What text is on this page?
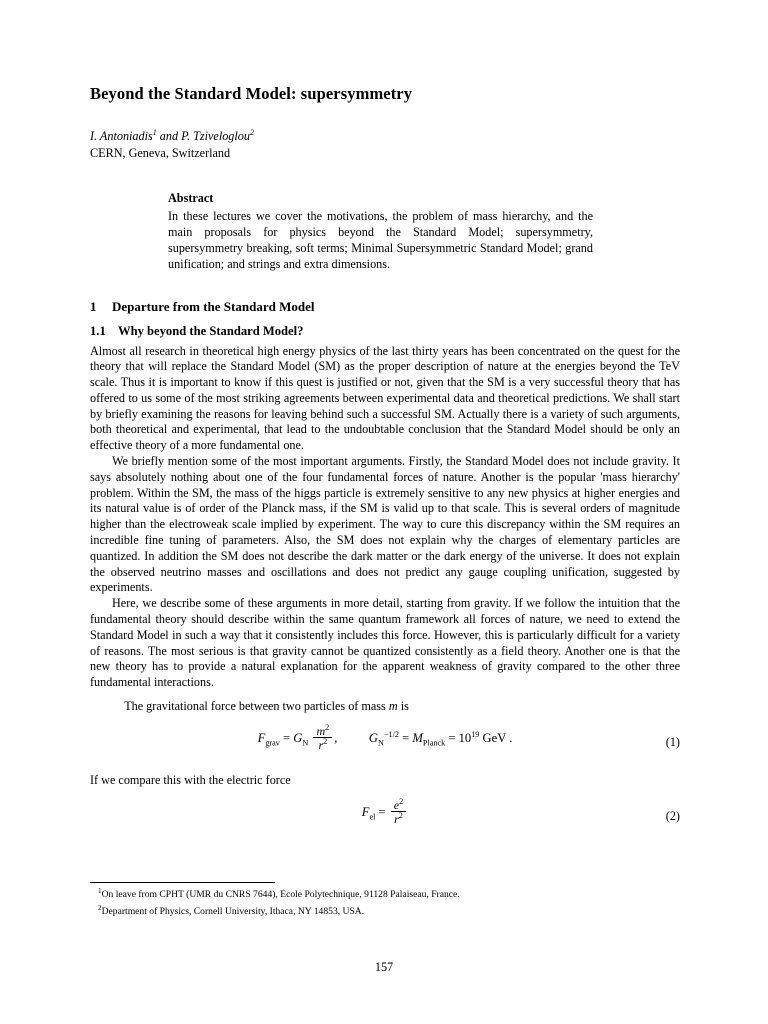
Beyond the Standard Model: supersymmetry
I. Antoniadis$^1$ and P. Tziveloglou$^2$
CERN, Geneva, Switzerland
Abstract
In these lectures we cover the motivations, the problem of mass hierarchy, and the main proposals for physics beyond the Standard Model; supersymmetry, supersymmetry breaking, soft terms; Minimal Supersymmetric Standard Model; grand unification; and strings and extra dimensions.
1 Departure from the Standard Model
1.1 Why beyond the Standard Model?

Almost all research in theoretical high energy physics of the last thirty years has been concentrated on the quest for the theory that will replace the Standard Model (SM) as the proper description of nature at the energies beyond the TeV scale. Thus it is important to know if this quest is justified or not, given that the SM is a very successful theory that has offered to us some of the most striking agreements between experimental data and theoretical predictions. We shall start by briefly examining the reasons for leaving behind such a successful SM. Actually there is a variety of such arguments, both theoretical and experimental, that lead to the undoubtable conclusion that the Standard Model should be only an effective theory of a more fundamental one.

We briefly mention some of the most important arguments. Firstly, the Standard Model does not include gravity. It says absolutely nothing about one of the four fundamental forces of nature. Another is the popular 'mass hierarchy' problem. Within the SM, the mass of the higgs particle is extremely sensitive to any new physics at higher energies and its natural value is of order of the Planck mass, if the SM is valid up to that scale. This is several orders of magnitude higher than the electroweak scale implied by experiment. The way to cure this discrepancy within the SM requires an incredible fine tuning of parameters. Also, the SM does not explain why the charges of elementary particles are quantized. In addition the SM does not describe the dark matter or the dark energy of the universe. It does not explain the observed neutrino masses and oscillations and does not predict any gauge coupling unification, suggested by experiments.

Here, we describe some of these arguments in more detail, starting from gravity. If we follow the intuition that the fundamental theory should describe within the same quantum framework all forces of nature, we need to extend the Standard Model in such a way that it consistently includes this force. However, this is particularly difficult for a variety of reasons. The most serious is that gravity cannot be quantized consistently as a field theory. Another one is that the new theory has to provide a natural explanation for the apparent weakness of gravity compared to the other three fundamental interactions.

The gravitational force between two particles of mass m is

$F_{grav} = G_N \frac{m^2}{r^2}$ ,          $G_N^{-1/2} = M_{Planck} = 10^{19}$ GeV .	(1)

If we compare this with the electric force

$F_{el} = \frac{e^2}{r^2}$	(2)
$^1$On leave from CPHT (UMR du CNRS 7644), Ecole Polytechnique, 91128 Palaiseau, France.
$^2$Department of Physics, Cornell University, Ithaca, NY 14853, USA.
157
